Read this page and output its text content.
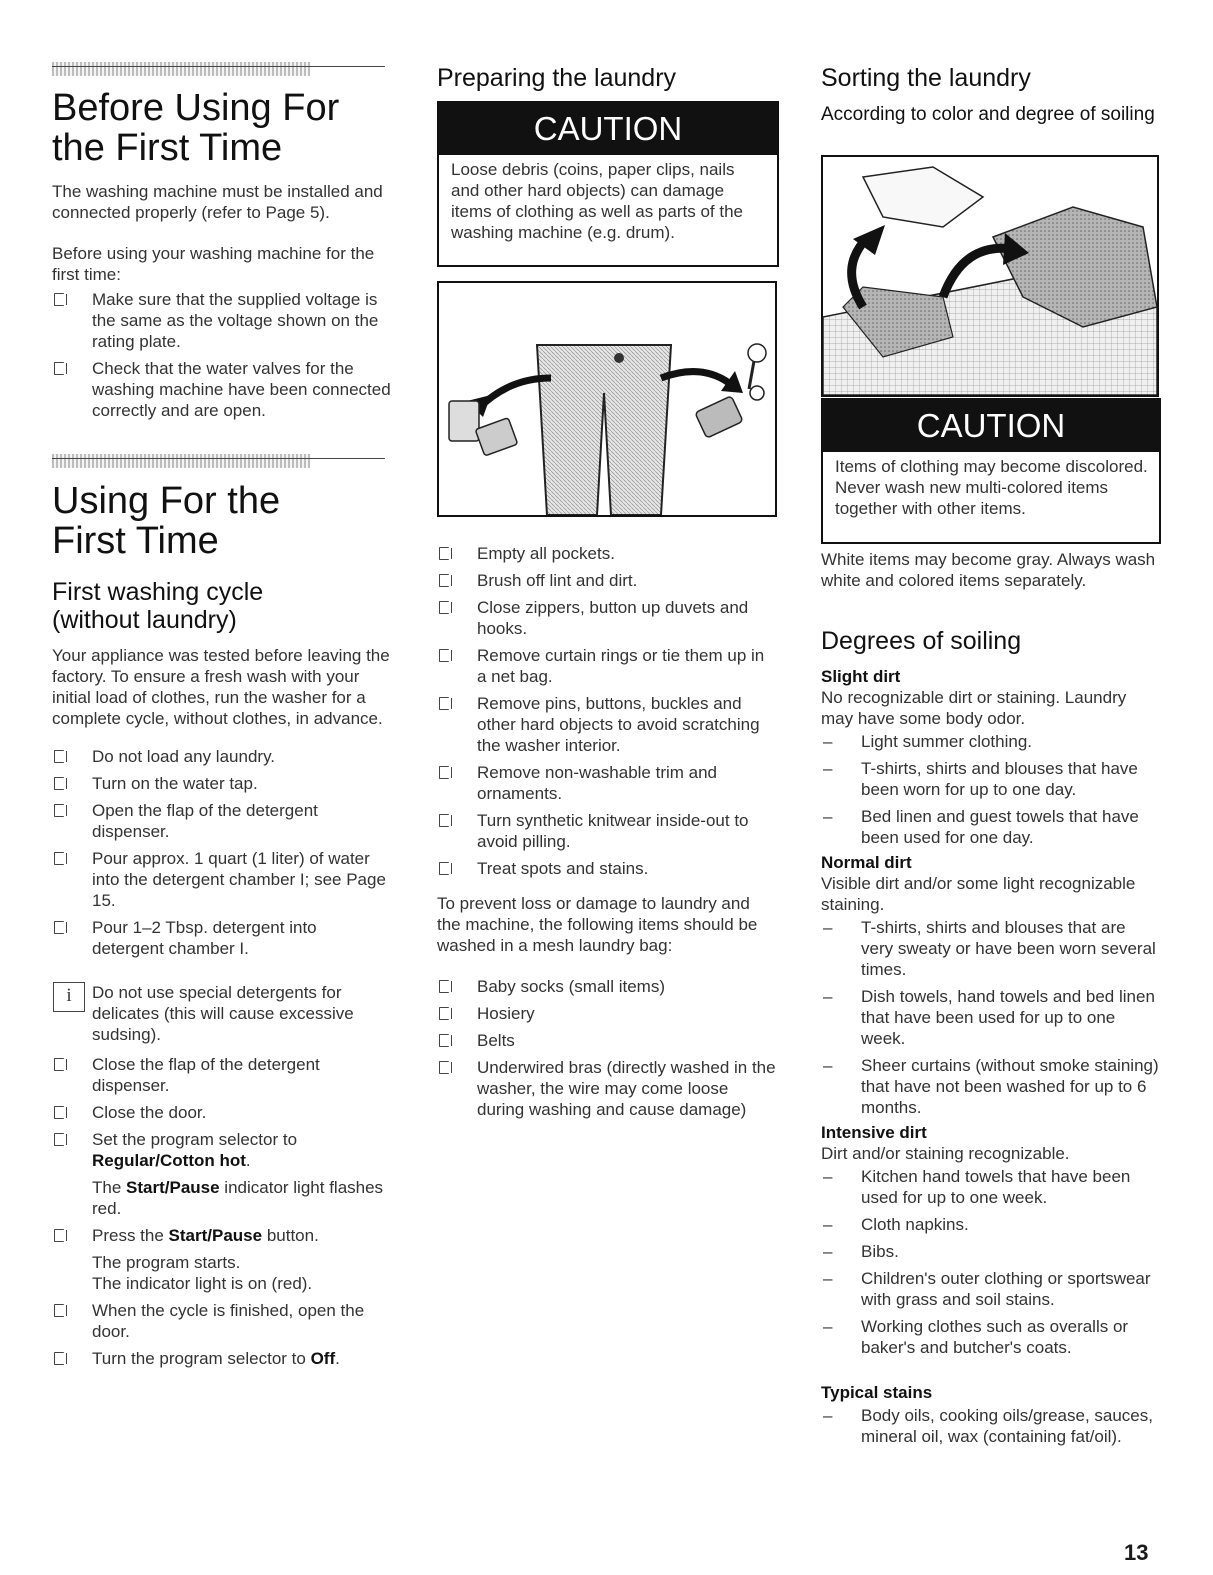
Before Using For
the First Time
The washing machine must be installed and connected properly (refer to Page 5).
Before using your washing machine for the first time:
Make sure that the supplied voltage is the same as the voltage shown on the rating plate.
Check that the water valves for the washing machine have been connected correctly and are open.
Using For the
First Time
First washing cycle
(without laundry)
Your appliance was tested before leaving the factory. To ensure a fresh wash with your initial load of clothes, run the washer for a complete cycle, without clothes, in advance.
Do not load any laundry.
Turn on the water tap.
Open the flap of the detergent dispenser.
Pour approx. 1 quart (1 liter) of water into the detergent chamber I; see Page 15.
Pour 1–2 Tbsp. detergent into detergent chamber I.
i	Do not use special detergents for delicates (this will cause excessive sudsing).
Close the flap of the detergent dispenser.
Close the door.
Set the program selector to
Regular/Cotton hot.
The Start/Pause indicator light flashes red.
Press the Start/Pause button.
The program starts.
The indicator light is on (red).
When the cycle is finished, open the door.
Turn the program selector to Off.
Preparing the laundry
CAUTION
Loose debris (coins, paper clips, nails and other hard objects) can damage items of clothing as well as parts of the washing machine (e.g. drum).
Empty all pockets.
Brush off lint and dirt.
Close zippers, button up duvets and hooks.
Remove curtain rings or tie them up in a net bag.
Remove pins, buttons, buckles and other hard objects to avoid scratching the washer interior.
Remove non-washable trim and ornaments.
Turn synthetic knitwear inside-out to avoid pilling.
Treat spots and stains.
To prevent loss or damage to laundry and the machine, the following items should be washed in a mesh laundry bag:
Baby socks (small items)
Hosiery
Belts
Underwired bras (directly washed in the washer, the wire may come loose during washing and cause damage)
Sorting the laundry
According to color and degree of soiling
CAUTION
Items of clothing may become discolored. Never wash new multi-colored items together with other items.
White items may become gray. Always wash white and colored items separately.
Degrees of soiling
Slight dirt
No recognizable dirt or staining. Laundry may have some body odor.
– Light summer clothing.
– T-shirts, shirts and blouses that have been worn for up to one day.
– Bed linen and guest towels that have been used for one day.
Normal dirt
Visible dirt and/or some light recognizable staining.
– T-shirts, shirts and blouses that are very sweaty or have been worn several times.
– Dish towels, hand towels and bed linen that have been used for up to one week.
– Sheer curtains (without smoke staining) that have not been washed for up to 6 months.
Intensive dirt
Dirt and/or staining recognizable.
– Kitchen hand towels that have been used for up to one week.
– Cloth napkins.
– Bibs.
– Children's outer clothing or sportswear with grass and soil stains.
– Working clothes such as overalls or baker's and butcher's coats.
Typical stains
– Body oils, cooking oils/grease, sauces, mineral oil, wax (containing fat/oil).
13
